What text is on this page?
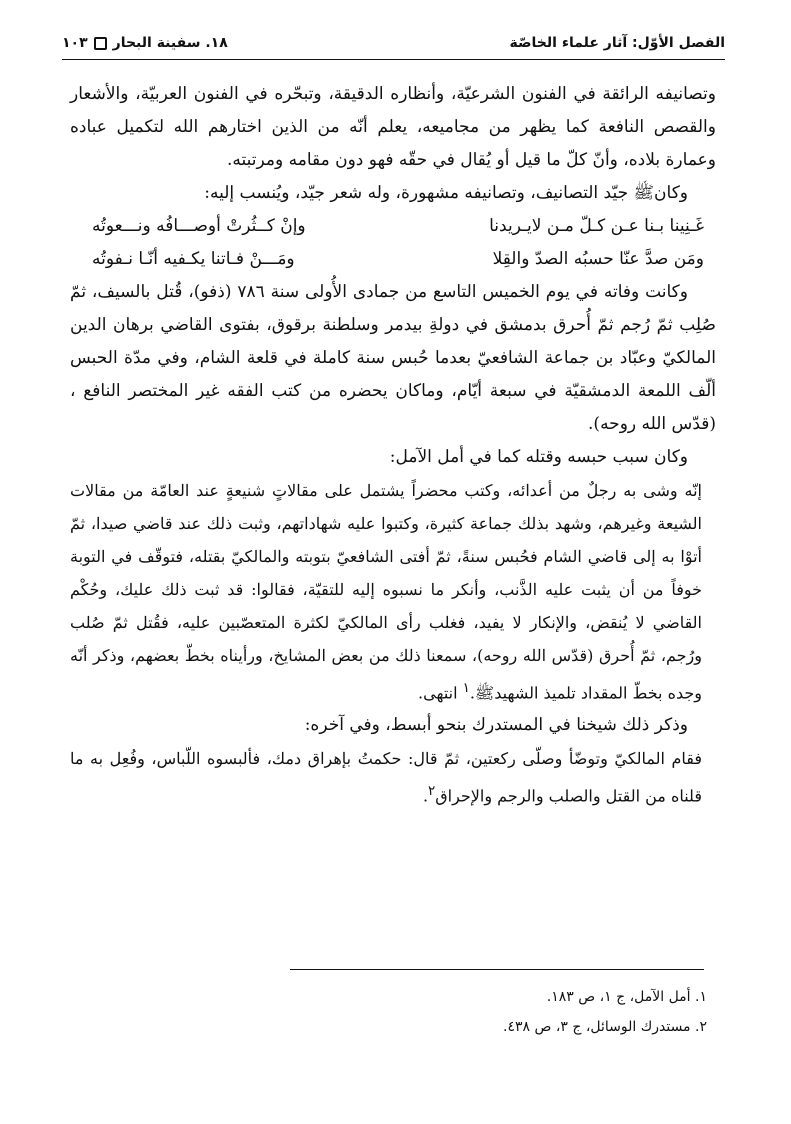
الفصل الأوّل: آثار علماء الخاصّة
١٨. سفينة البحار
١٠٣

وتصانيفه الرائقة في الفنون الشرعيّة، وأنظاره الدقيقة، وتبحّره في الفنون العربيّة، والأشعار والقصص النافعة كما يظهر من مجاميعه، يعلم أنّه من الذين اختارهم الله لتكميل عباده وعمارة بلاده، وأنّ كلّ ما قيل أو يُقال في حقّه فهو دون مقامه ومرتبته.

وكانﷺ جيّد التصانيف، وتصانيفه مشهورة، وله شعر جيّد، ويُنسب إليه:

غَـنِينا بـنا عـن كـلّ مـن لايـريدنا
وإنْ كــثُرتْ أوصـــافُه ونـــعوتُه
ومَن صدَّ عنّا حسبُه الصدّ والقِلا
ومَـــنْ فـاتنا يكـفيه أنّـا نـفوتُه

وكانت وفاته في يوم الخميس التاسع من جمادى الأُولى سنة ٧٨٦ (ذفو)، قُتل بالسيف، ثمّ صُلِب ثمّ رُجم ثمّ أُحرق بدمشق في دولةِ بيدمر وسلطنة برقوق، بفتوى القاضي برهان الدين المالكيّ وعبّاد بن جماعة الشافعيّ بعدما حُبس سنة كاملة في قلعة الشام، وفي مدّة الحبس ألّف اللمعة الدمشقيّة في سبعة أيّام، وماكان يحضره من كتب الفقه غير المختصر النافع ، (قدّس الله روحه).

وكان سبب حبسه وقتله كما في أمل الآمل:

إنّه وشى به رجلٌ من أعدائه، وكتب محضراً يشتمل على مقالاتٍ شنيعةٍ عند العامّة من مقالات الشيعة وغيرهم، وشهد بذلك جماعة كثيرة، وكتبوا عليه شهاداتهم، وثبت ذلك عند قاضي صيدا، ثمّ أتوْا به إلى قاضي الشام فحُبس سنةً، ثمّ أفتى الشافعيّ بتوبته والمالكيّ بقتله، فتوقّف في التوبة خوفاً من أن يثبت عليه الذَّنب، وأنكر ما نسبوه إليه للتقيّة، فقالوا: قد ثبت ذلك عليك، وحُكْم القاضي لا يُنقض، والإنكار لا يفيد، فغلب رأى المالكيّ لكثرة المتعصّبين عليه، فقُتل ثمّ صُلب ورُجم، ثمّ أُحرق (قدّس الله روحه)، سمعنا ذلك من بعض المشايخ، ورأيناه بخطّ بعضهم، وذكر أنّه وجده بخطّ المقداد تلميذ الشهيدﷺ.$^١$ انتهى.

وذكر ذلك شيخنا في المستدرك بنحو أبسط، وفي آخره:

فقام المالكيّ وتوضّأ وصلّى ركعتين، ثمّ قال: حكمتُ بإهراق دمك، فألبسوه اللّباس، وفُعِل به ما قلناه من القتل والصلب والرجم والإحراق$^٢$.

١. أمل الآمل، ج ١، ص ١٨٣.

٢. مستدرك الوسائل، ج ٣، ص ٤٣٨.
